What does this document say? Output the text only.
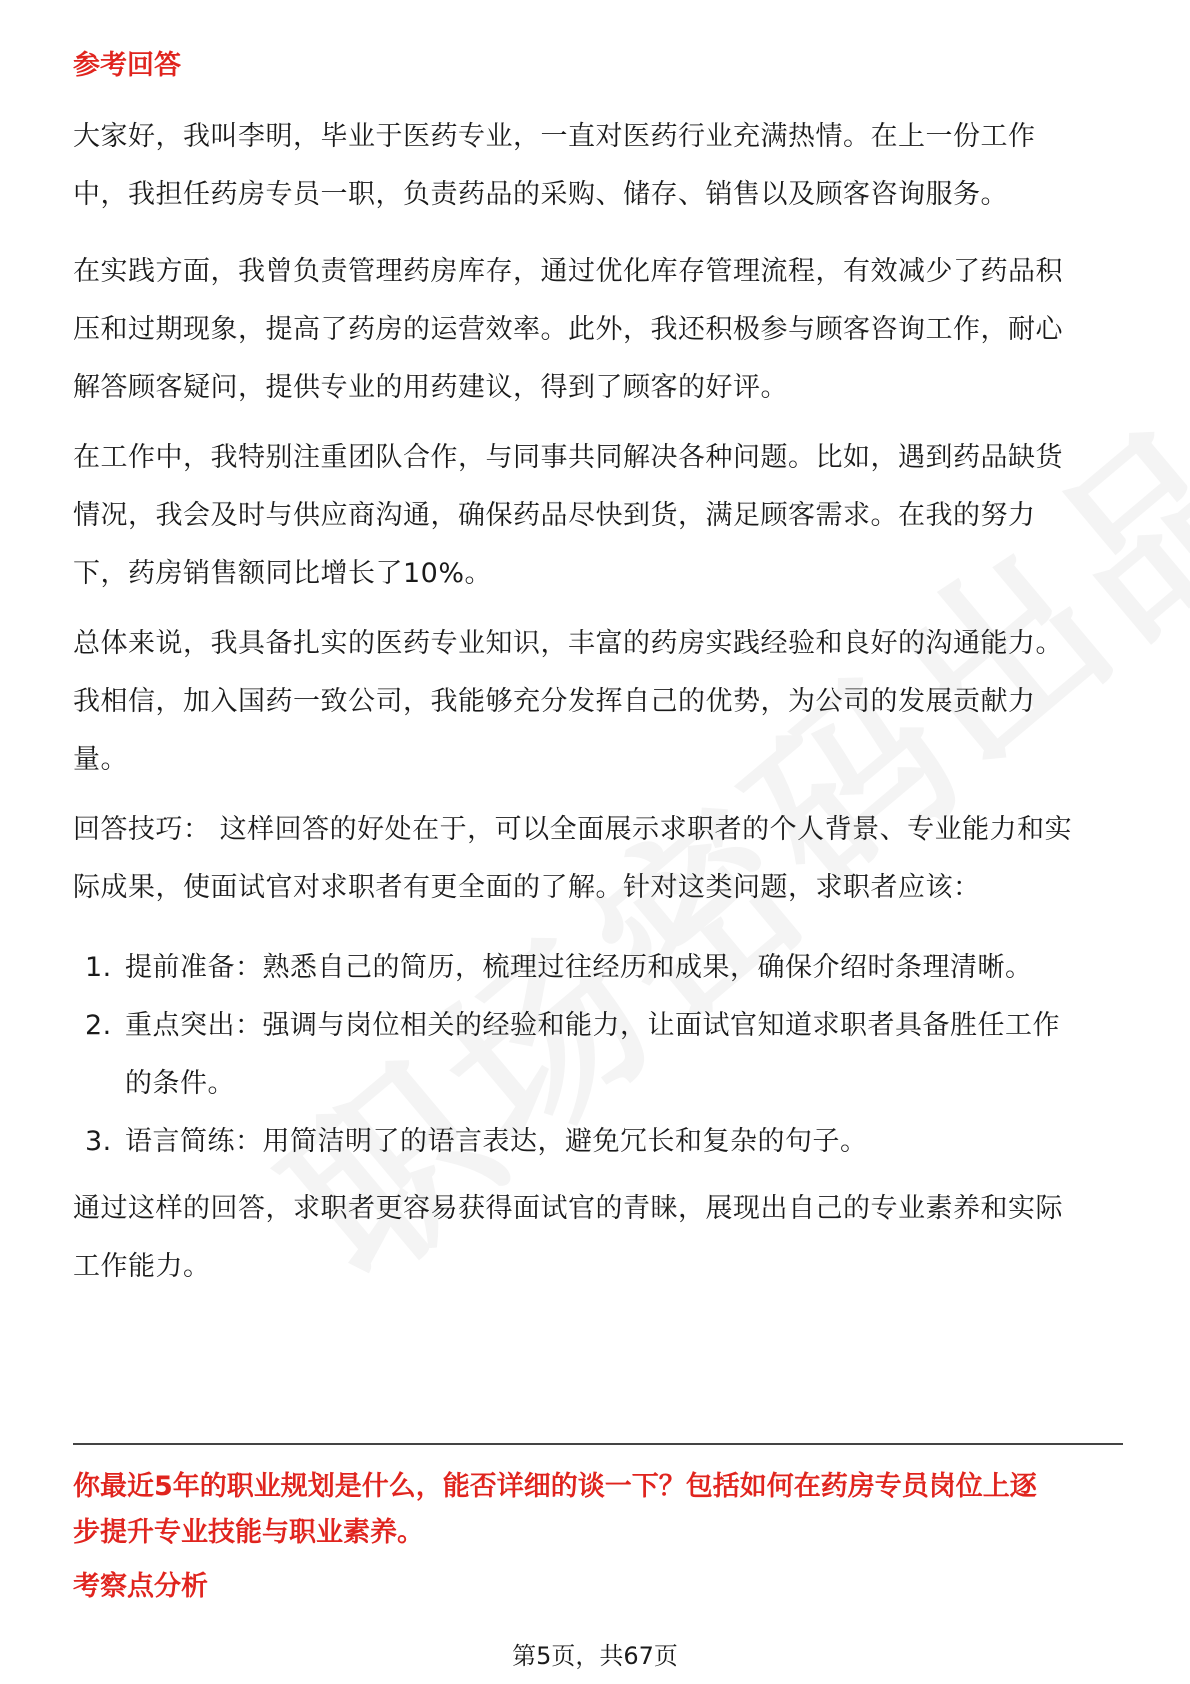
参考回答

大家好，我叫李明，毕业于医药专业，一直对医药行业充满热情。在上一份工作
中，我担任药房专员一职，负责药品的采购、储存、销售以及顾客咨询服务。
在实践方面，我曾负责管理药房库存，通过优化库存管理流程，有效减少了药品积
压和过期现象，提高了药房的运营效率。此外，我还积极参与顾客咨询工作，耐心
解答顾客疑问，提供专业的用药建议，得到了顾客的好评。
在工作中，我特别注重团队合作，与同事共同解决各种问题。比如，遇到药品缺货
情况，我会及时与供应商沟通，确保药品尽快到货，满足顾客需求。在我的努力
下，药房销售额同比增长了10%。
总体来说，我具备扎实的医药专业知识，丰富的药房实践经验和良好的沟通能力。
我相信，加入国药一致公司，我能够充分发挥自己的优势，为公司的发展贡献力
量。
回答技巧： 这样回答的好处在于，可以全面展示求职者的个人背景、专业能力和实
际成果，使面试官对求职者有更全面的了解。针对这类问题，求职者应该：
1. 提前准备：熟悉自己的简历，梳理过往经历和成果，确保介绍时条理清晰。
2. 重点突出：强调与岗位相关的经验和能力，让面试官知道求职者具备胜任工作
的条件。
3. 语言简练：用简洁明了的语言表达，避免冗长和复杂的句子。
通过这样的回答，求职者更容易获得面试官的青睐，展现出自己的专业素养和实际
工作能力。
你最近5年的职业规划是什么，能否详细的谈一下？包括如何在药房专员岗位上逐
步提升专业技能与职业素养。

考察点分析

第5页，共67页
